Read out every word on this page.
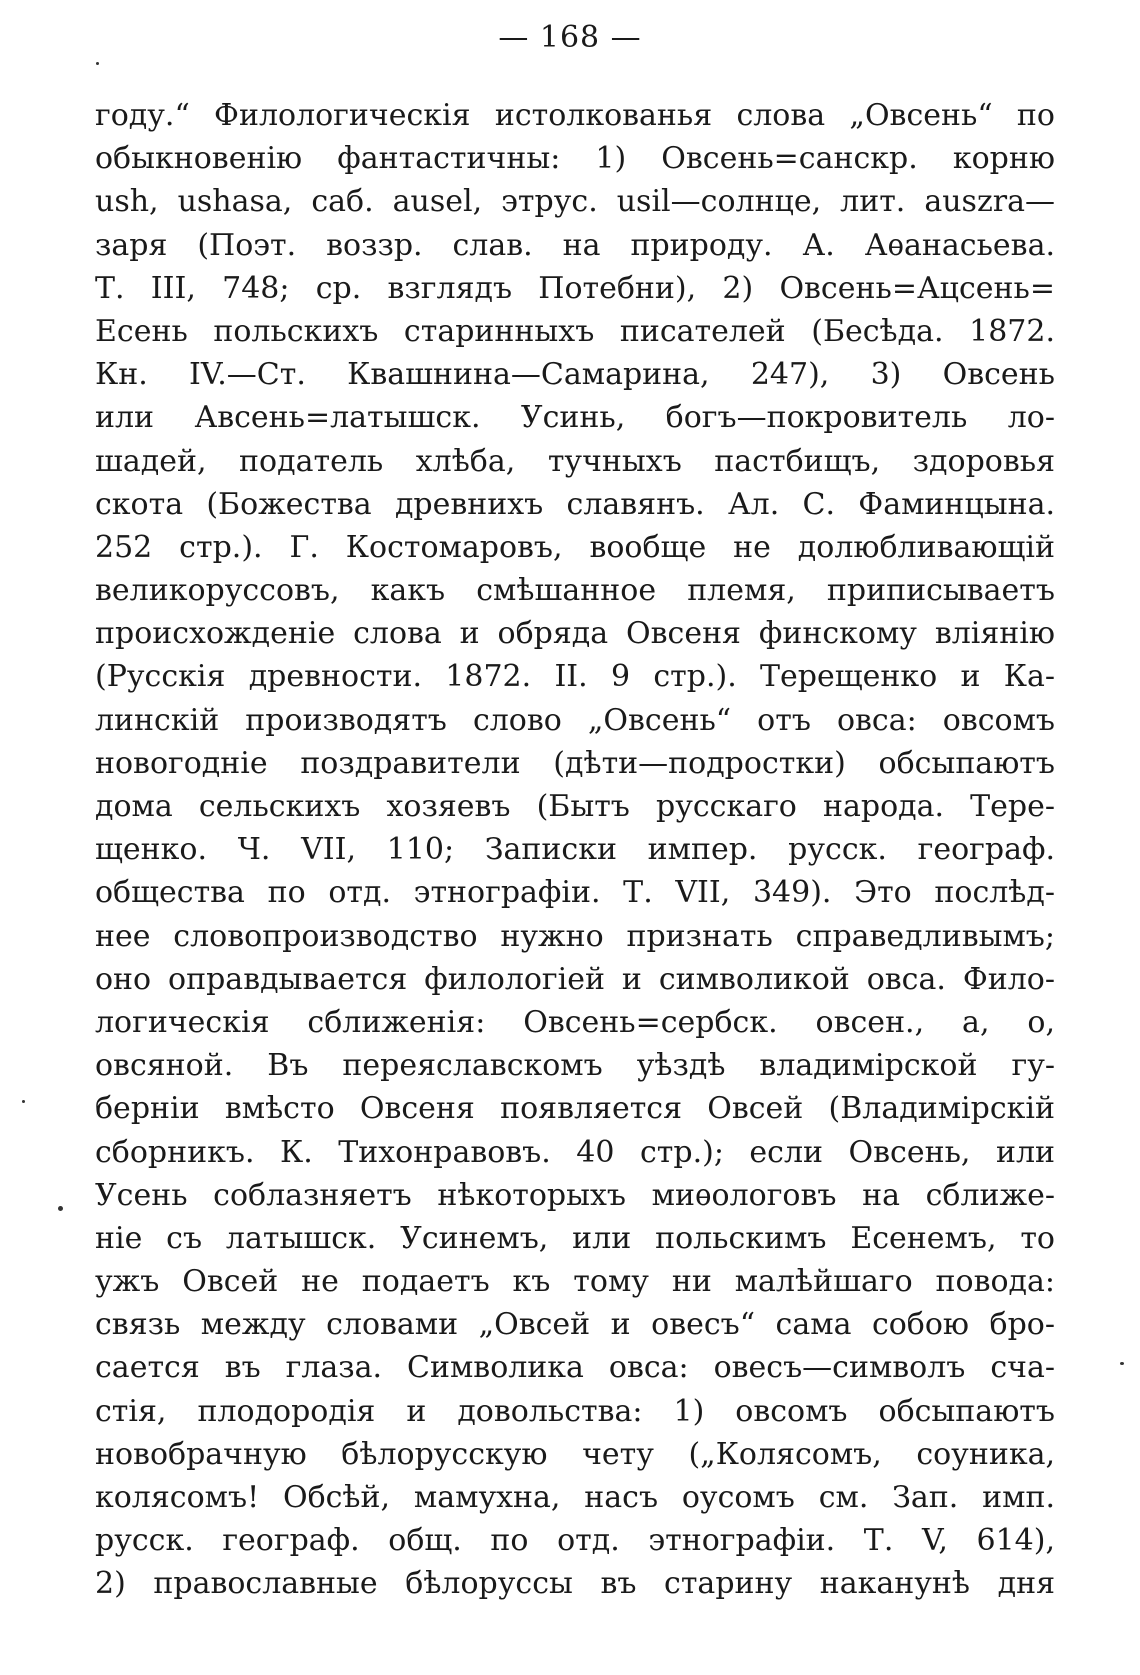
— 168 —
году.“ Филологическія истолкованья слова „Овсень“ по
обыкновенію фантастичны: 1) Овсень=санскр. корню
ush, ushasa, саб. ausel, этрус. usil—солнце, лит. auszra—
заря (Поэт. воззр. слав. на природу. А. Аѳанасьева.
Т. III, 748; ср. взглядъ Потебни), 2) Овсень=Ацсень=
Есень польскихъ старинныхъ писателей (Бесѣда. 1872.
Кн. IV.—Ст. Квашнина—Самарина, 247), 3) Овсень
или Авсень=латышск. Усинь, богъ—покровитель ло-
шадей, податель хлѣба, тучныхъ пастбищъ, здоровья
скота (Божества древнихъ славянъ. Ал. С. Фаминцына.
252 стр.). Г. Костомаровъ, вообще не долюбливающій
великоруссовъ, какъ смѣшанное племя, приписываетъ
происхожденіе слова и обряда Овсеня финскому вліянію
(Русскія древности. 1872. II. 9 стр.). Терещенко и Ка-
линскій производятъ слово „Овсень“ отъ овса: овсомъ
новогодніе поздравители (дѣти—подростки) обсыпаютъ
дома сельскихъ хозяевъ (Бытъ русскаго народа. Тере-
щенко. Ч. VII, 110; Записки импер. русск. географ.
общества по отд. этнографіи. Т. VII, 349). Это послѣд-
нее словопроизводство нужно признать справедливымъ;
оно оправдывается филологіей и символикой овса. Фило-
логическія сближенія: Овсень=сербск. овсен., а, о,
овсяной. Въ переяславскомъ уѣздѣ владимірской гу-
берніи вмѣсто Овсеня появляется Овсей (Владимірскій
сборникъ. К. Тихонравовъ. 40 стр.); если Овсень, или
Усень соблазняетъ нѣкоторыхъ миѳологовъ на сближе-
ніе съ латышск. Усинемъ, или польскимъ Есенемъ, то
ужъ Овсей не подаетъ къ тому ни малѣйшаго повода:
связь между словами „Овсей и овесъ“ сама собою бро-
сается въ глаза. Символика овса: овесъ—символъ сча-
стія, плодородія и довольства: 1) овсомъ обсыпаютъ
новобрачную бѣлорусскую чету („Колясомъ, соуника,
колясомъ! Обсѣй, мамухна, насъ оусомъ см. Зап. имп.
русск. географ. общ. по отд. этнографіи. Т. V, 614),
2) православные бѣлоруссы въ старину наканунѣ дня
